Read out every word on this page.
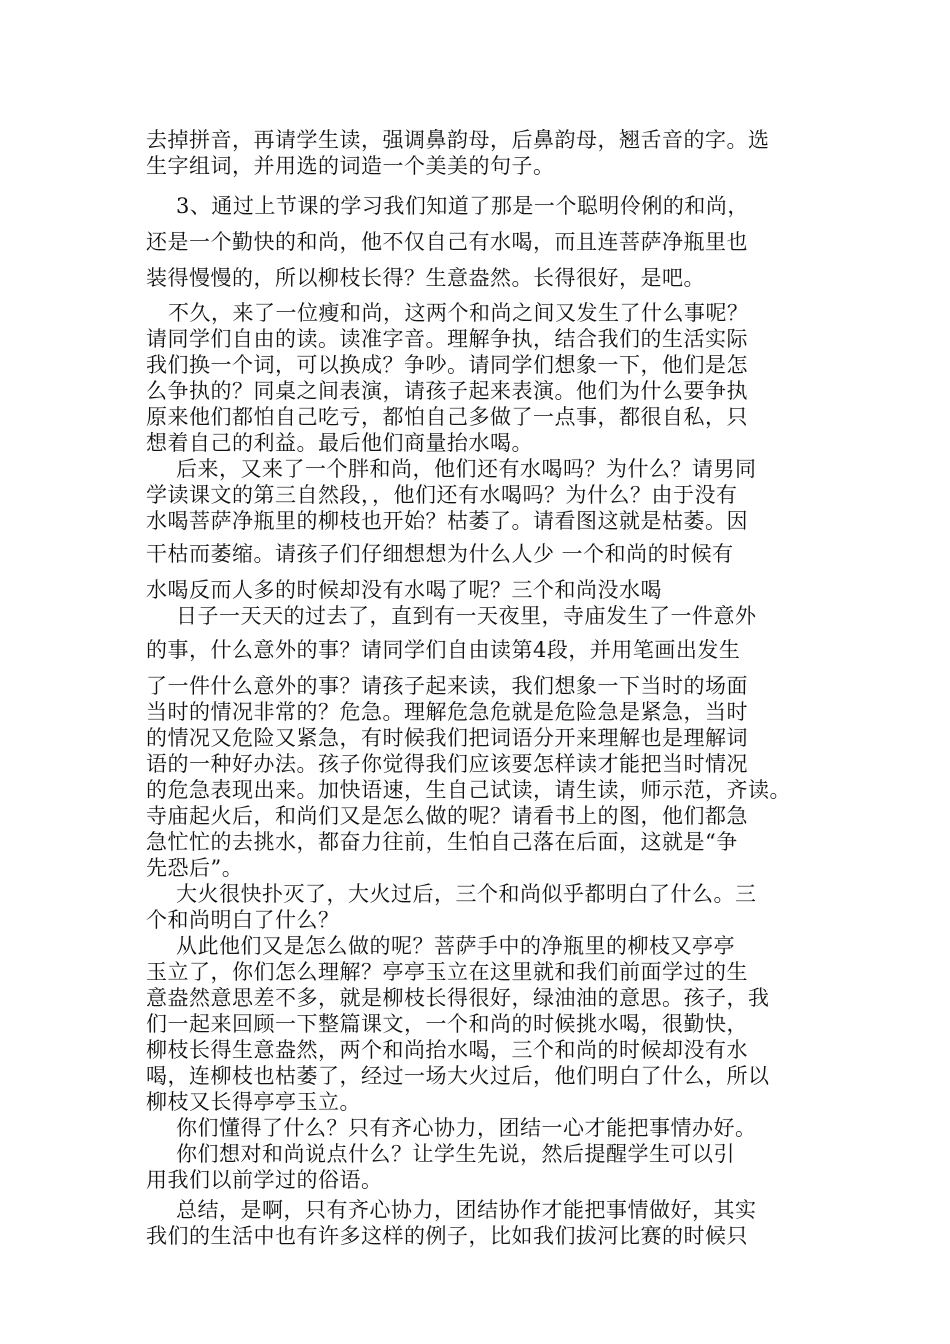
去掉拼音，再请学生读，强调鼻韵母，后鼻韵母，翘舌音的字。选
生字组词，并用选的词造一个美美的句子。
3、通过上节课的学习我们知道了那是一个聪明伶俐的和尚，
还是一个勤快的和尚，他不仅自己有水喝，而且连菩萨净瓶里也
装得慢慢的，所以柳枝长得？生意盎然。长得很好，是吧。
不久，来了一位瘦和尚，这两个和尚之间又发生了什么事呢？
请同学们自由的读。读准字音。理解争执，结合我们的生活实际
我们换一个词，可以换成？争吵。请同学们想象一下，他们是怎
么争执的？同桌之间表演，请孩子起来表演。他们为什么要争执
原来他们都怕自己吃亏，都怕自己多做了一点事，都很自私，只
想着自己的利益。最后他们商量抬水喝。
后来，又来了一个胖和尚，他们还有水喝吗？为什么？请男同
学读课文的第三自然段，，他们还有水喝吗？为什么？由于没有
水喝菩萨净瓶里的柳枝也开始？枯萎了。请看图这就是枯萎。因
干枯而萎缩。请孩子们仔细想想为什么人少 一个和尚的时候有
水喝反而人多的时候却没有水喝了呢？三个和尚没水喝
日子一天天的过去了，直到有一天夜里，寺庙发生了一件意外
的事，什么意外的事？请同学们自由读第4段，并用笔画出发生
了一件什么意外的事？请孩子起来读，我们想象一下当时的场面
当时的情况非常的？危急。理解危急危就是危险急是紧急，当时
的情况又危险又紧急，有时候我们把词语分开来理解也是理解词
语的一种好办法。孩子你觉得我们应该要怎样读才能把当时情况
的危急表现出来。加快语速，生自己试读，请生读，师示范，齐读。
寺庙起火后，和尚们又是怎么做的呢？请看书上的图，他们都急
急忙忙的去挑水，都奋力往前，生怕自己落在后面，这就是“争
先恐后”。
大火很快扑灭了，大火过后，三个和尚似乎都明白了什么。三
个和尚明白了什么？
从此他们又是怎么做的呢？菩萨手中的净瓶里的柳枝又亭亭
玉立了，你们怎么理解？亭亭玉立在这里就和我们前面学过的生
意盎然意思差不多，就是柳枝长得很好，绿油油的意思。孩子，我
们一起来回顾一下整篇课文，一个和尚的时候挑水喝，很勤快，
柳枝长得生意盎然，两个和尚抬水喝，三个和尚的时候却没有水
喝，连柳枝也枯萎了，经过一场大火过后，他们明白了什么，所以
柳枝又长得亭亭玉立。
你们懂得了什么？只有齐心协力，团结一心才能把事情办好。
你们想对和尚说点什么？让学生先说，然后提醒学生可以引
用我们以前学过的俗语。
总结，是啊，只有齐心协力，团结协作才能把事情做好，其实
我们的生活中也有许多这样的例子，比如我们拔河比赛的时候只
